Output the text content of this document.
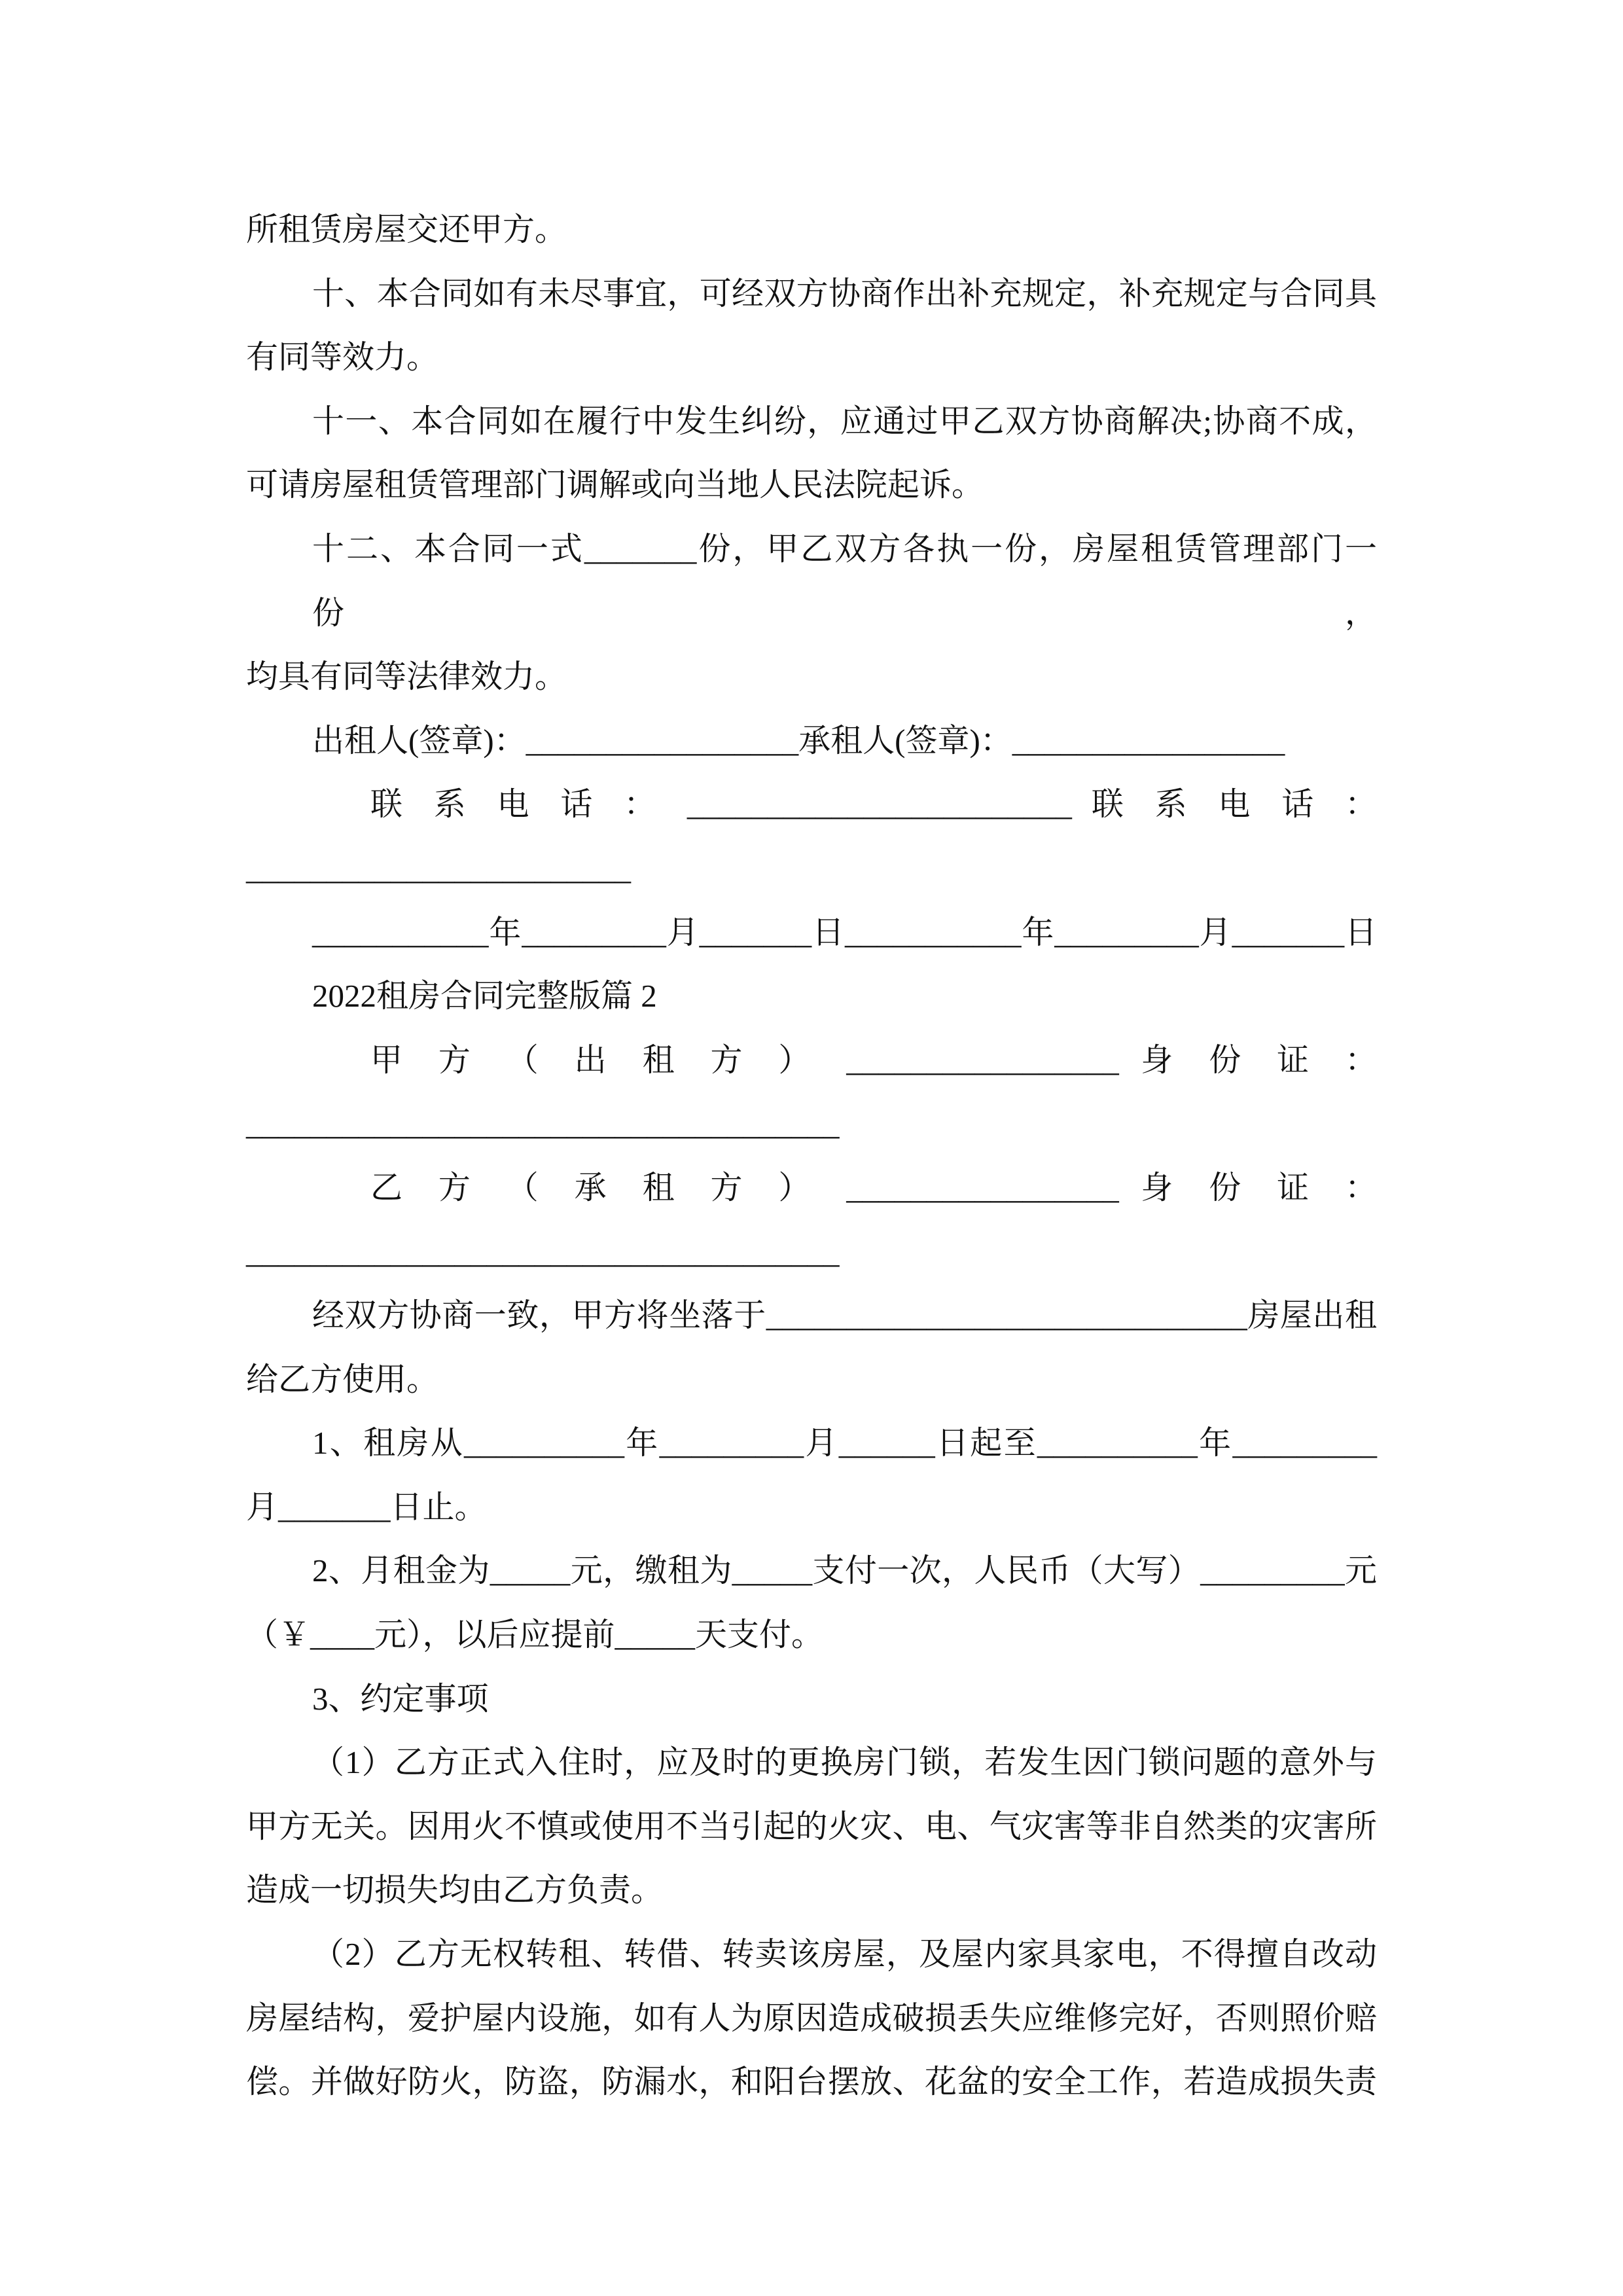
所租赁房屋交还甲方。
十、本合同如有未尽事宜，可经双方协商作出补充规定，补充规定与合同具
有同等效力。
十一、本合同如在履行中发生纠纷，应通过甲乙双方协商解决;协商不成，
可请房屋租赁管理部门调解或向当地人民法院起诉。
十二、本合同一式_______份，甲乙双方各执一份，房屋租赁管理部门一份，
均具有同等法律效力。
出租人(签章)：_________________承租人(签章)：_________________
联 系 电 话 ： ________________________ 联 系 电 话 ：
________________________
___________年_________月_______日___________年_________月_______日
2022租房合同完整版篇 2
甲 方 （ 出 租 方 ） _________________ 身 份 证 ：
_____________________________________
乙 方 （ 承 租 方 ） _________________ 身 份 证 ：
_____________________________________
经双方协商一致，甲方将坐落于______________________________房屋出租
给乙方使用。
1、租房从__________年_________月______日起至__________年_________
月_______日止。
2、月租金为_____元，缴租为_____支付一次，人民币（大写）_________元
（￥____元），以后应提前_____天支付。
3、约定事项
（1）乙方正式入住时，应及时的更换房门锁，若发生因门锁问题的意外与
甲方无关。因用火不慎或使用不当引起的火灾、电、气灾害等非自然类的灾害所
造成一切损失均由乙方负责。
（2）乙方无权转租、转借、转卖该房屋，及屋内家具家电，不得擅自改动
房屋结构，爱护屋内设施，如有人为原因造成破损丢失应维修完好，否则照价赔
偿。并做好防火，防盗，防漏水，和阳台摆放、花盆的安全工作，若造成损失责
